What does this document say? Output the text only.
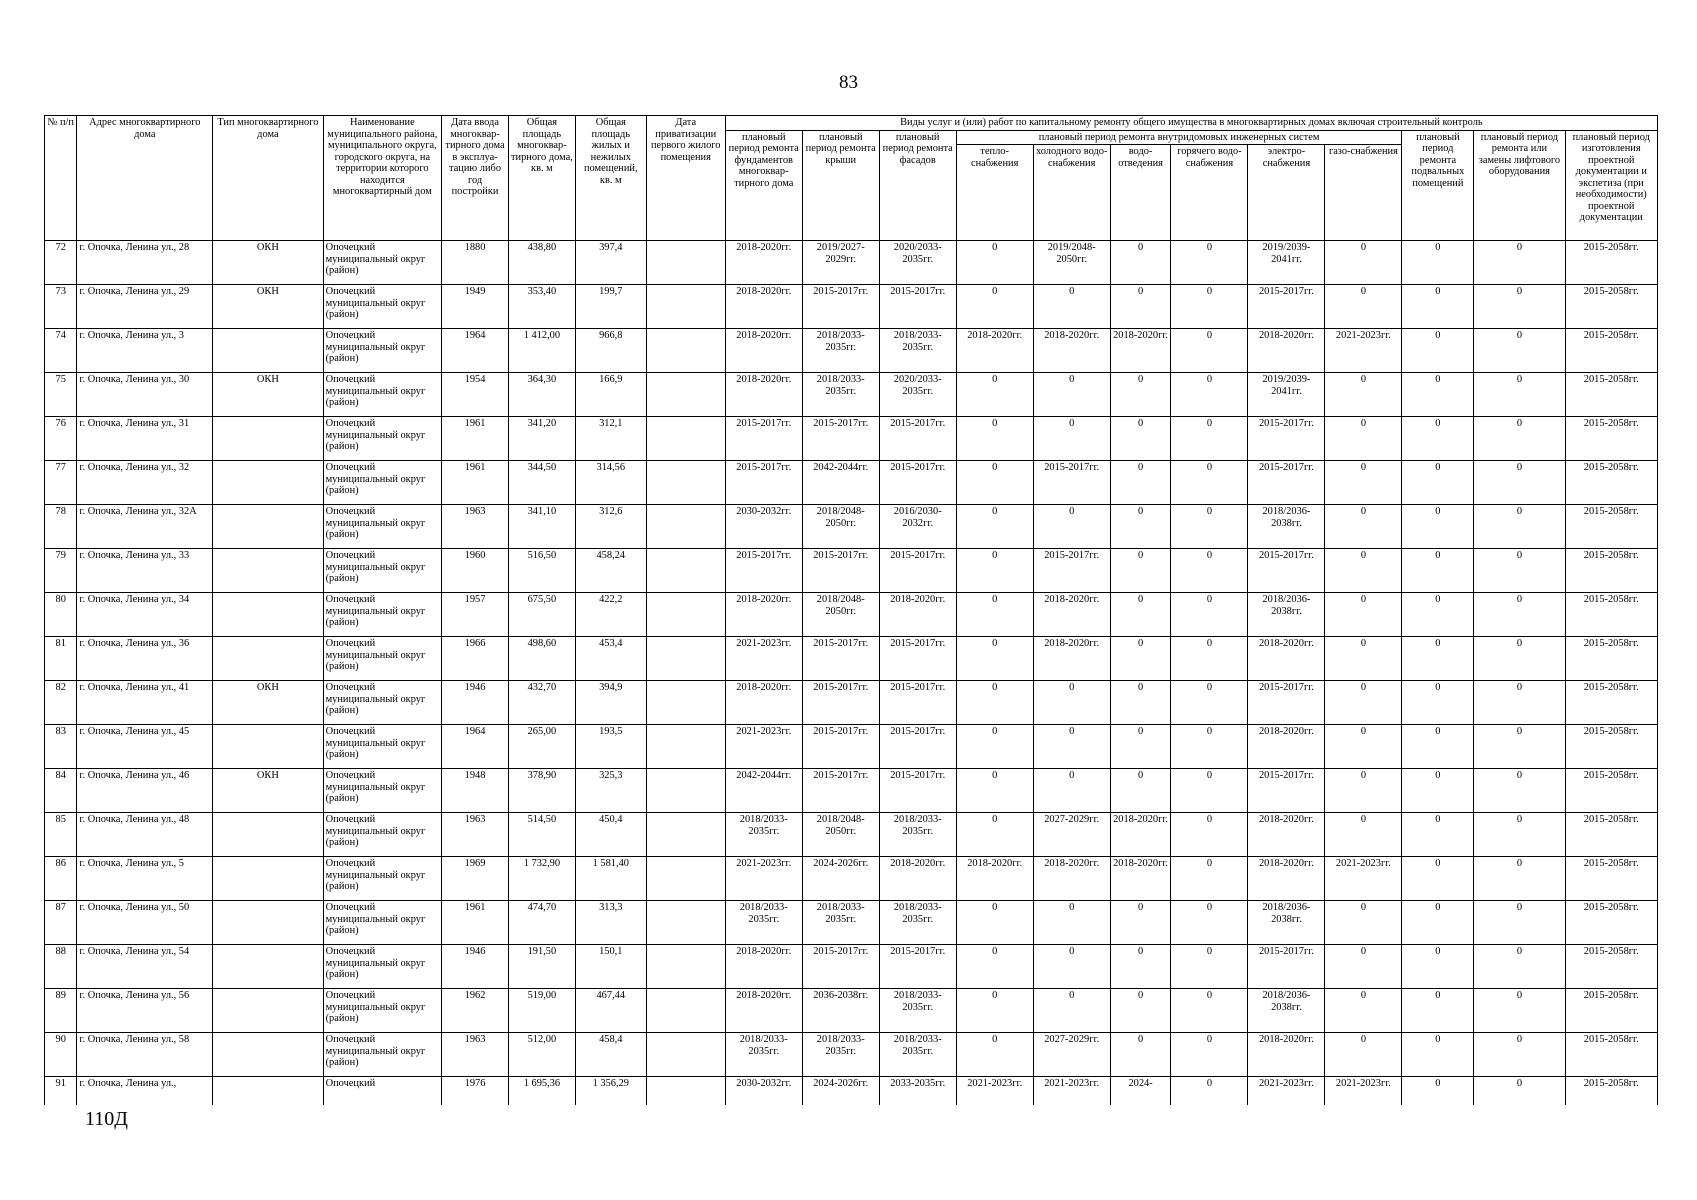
83
№ п/п	Адрес многоквартирного дома	Тип многоквартирного дома	Наименование муниципального района, муниципального округа, городского округа, на территории которого находится многоквартирный дом	Дата ввода многоквар-тирного дома в эксплуа-тацию либо год постройки	Общая площадь многоквар-тирного дома, кв. м	Общая площадь жилых и нежилых помещений, кв. м	Дата приватизации первого жилого помещения	Виды услуг и (или) работ по капитальному ремонту общего имущества в многоквартирных домах включая строительный контроль											
								плановый период ремонта фундаментов многоквар-тирного дома	плановый период ремонта крыши	плановый период ремонта фасадов	плановый период ремонта внутридомовых инженерных систем						плановый период ремонта подвальных помещений	плановый период ремонта или замены лифтового оборудования	плановый период изготовления проектной документации и экспетиза (при необходимости) проектной документации
											тепло-снабжения	холодного водо-снабжения	водо-отведения	горячего водо-снабжения	электро-снабжения	газо-снабжения			
72	г. Опочка, Ленина ул., 28	ОКН	Опочецкий муниципальный округ (район)	1880	438,80	397,4		2018-2020гг.	2019/2027-2029гг.	2020/2033-2035гг.	0	2019/2048-2050гг.	0	0	2019/2039-2041гг.	0	0	0	2015-2058гг.
73	г. Опочка, Ленина ул., 29	ОКН	Опочецкий муниципальный округ (район)	1949	353,40	199,7		2018-2020гг.	2015-2017гг.	2015-2017гг.	0	0	0	0	2015-2017гг.	0	0	0	2015-2058гг.
74	г. Опочка, Ленина ул., 3		Опочецкий муниципальный округ (район)	1964	1 412,00	966,8		2018-2020гг.	2018/2033-2035гг.	2018/2033-2035гг.	2018-2020гг.	2018-2020гг.	2018-2020гг.	0	2018-2020гг.	2021-2023гг.	0	0	2015-2058гг.
75	г. Опочка, Ленина ул., 30	ОКН	Опочецкий муниципальный округ (район)	1954	364,30	166,9		2018-2020гг.	2018/2033-2035гг.	2020/2033-2035гг.	0	0	0	0	2019/2039-2041гг.	0	0	0	2015-2058гг.
76	г. Опочка, Ленина ул., 31		Опочецкий муниципальный округ (район)	1961	341,20	312,1		2015-2017гг.	2015-2017гг.	2015-2017гг.	0	0	0	0	2015-2017гг.	0	0	0	2015-2058гг.
77	г. Опочка, Ленина ул., 32		Опочецкий муниципальный округ (район)	1961	344,50	314,56		2015-2017гг.	2042-2044гг.	2015-2017гг.	0	2015-2017гг.	0	0	2015-2017гг.	0	0	0	2015-2058гг.
78	г. Опочка, Ленина ул., 32А		Опочецкий муниципальный округ (район)	1963	341,10	312,6		2030-2032гг.	2018/2048-2050гг.	2016/2030-2032гг.	0	0	0	0	2018/2036-2038гг.	0	0	0	2015-2058гг.
79	г. Опочка, Ленина ул., 33		Опочецкий муниципальный округ (район)	1960	516,50	458,24		2015-2017гг.	2015-2017гг.	2015-2017гг.	0	2015-2017гг.	0	0	2015-2017гг.	0	0	0	2015-2058гг.
80	г. Опочка, Ленина ул., 34		Опочецкий муниципальный округ (район)	1957	675,50	422,2		2018-2020гг.	2018/2048-2050гг.	2018-2020гг.	0	2018-2020гг.	0	0	2018/2036-2038гг.	0	0	0	2015-2058гг.
81	г. Опочка, Ленина ул., 36		Опочецкий муниципальный округ (район)	1966	498,60	453,4		2021-2023гг.	2015-2017гг.	2015-2017гг.	0	2018-2020гг.	0	0	2018-2020гг.	0	0	0	2015-2058гг.
82	г. Опочка, Ленина ул., 41	ОКН	Опочецкий муниципальный округ (район)	1946	432,70	394,9		2018-2020гг.	2015-2017гг.	2015-2017гг.	0	0	0	0	2015-2017гг.	0	0	0	2015-2058гг.
83	г. Опочка, Ленина ул., 45		Опочецкий муниципальный округ (район)	1964	265,00	193,5		2021-2023гг.	2015-2017гг.	2015-2017гг.	0	0	0	0	2018-2020гг.	0	0	0	2015-2058гг.
84	г. Опочка, Ленина ул., 46	ОКН	Опочецкий муниципальный округ (район)	1948	378,90	325,3		2042-2044гг.	2015-2017гг.	2015-2017гг.	0	0	0	0	2015-2017гг.	0	0	0	2015-2058гг.
85	г. Опочка, Ленина ул., 48		Опочецкий муниципальный округ (район)	1963	514,50	450,4		2018/2033-2035гг.	2018/2048-2050гг.	2018/2033-2035гг.	0	2027-2029гг.	2018-2020гг.	0	2018-2020гг.	0	0	0	2015-2058гг.
86	г. Опочка, Ленина ул., 5		Опочецкий муниципальный округ (район)	1969	1 732,90	1 581,40		2021-2023гг.	2024-2026гг.	2018-2020гг.	2018-2020гг.	2018-2020гг.	2018-2020гг.	0	2018-2020гг.	2021-2023гг.	0	0	2015-2058гг.
87	г. Опочка, Ленина ул., 50		Опочецкий муниципальный округ (район)	1961	474,70	313,3		2018/2033-2035гг.	2018/2033-2035гг.	2018/2033-2035гг.	0	0	0	0	2018/2036-2038гг.	0	0	0	2015-2058гг.
88	г. Опочка, Ленина ул., 54		Опочецкий муниципальный округ (район)	1946	191,50	150,1		2018-2020гг.	2015-2017гг.	2015-2017гг.	0	0	0	0	2015-2017гг.	0	0	0	2015-2058гг.
89	г. Опочка, Ленина ул., 56		Опочецкий муниципальный округ (район)	1962	519,00	467,44		2018-2020гг.	2036-2038гг.	2018/2033-2035гг.	0	0	0	0	2018/2036-2038гг.	0	0	0	2015-2058гг.
90	г. Опочка, Ленина ул., 58		Опочецкий муниципальный округ (район)	1963	512,00	458,4		2018/2033-2035гг.	2018/2033-2035гг.	2018/2033-2035гг.	0	2027-2029гг.	0	0	2018-2020гг.	0	0	0	2015-2058гг.
91	г. Опочка, Ленина ул.,		Опочецкий	1976	1 695,36	1 356,29		2030-2032гг.	2024-2026гг.	2033-2035гг.	2021-2023гг.	2021-2023гг.	2024-	0	2021-2023гг.	2021-2023гг.	0	0	2015-2058гг.
110Д
